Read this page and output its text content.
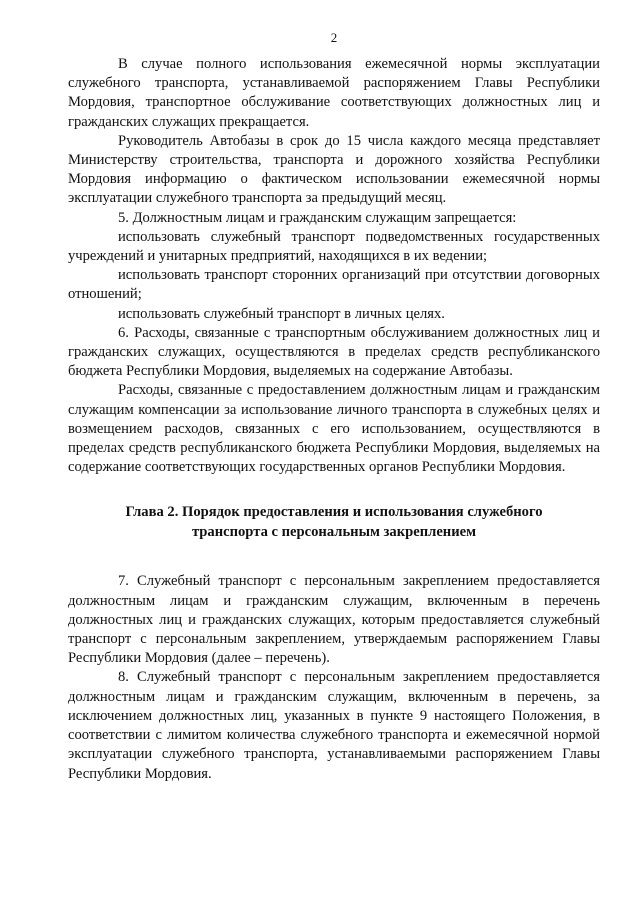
2

В случае полного использования ежемесячной нормы эксплуатации служебного транспорта, устанавливаемой распоряжением Главы Республики Мордовия, транспортное обслуживание соответствующих должностных лиц и гражданских служащих прекращается.

Руководитель Автобазы в срок до 15 числа каждого месяца представляет Министерству строительства, транспорта и дорожного хозяйства Республики Мордовия информацию о фактическом использовании ежемесячной нормы эксплуатации служебного транспорта за предыдущий месяц.

5. Должностным лицам и гражданским служащим запрещается:

использовать служебный транспорт подведомственных государственных учреждений и унитарных предприятий, находящихся в их ведении;

использовать транспорт сторонних организаций при отсутствии договорных отношений;

использовать служебный транспорт в личных целях.

6. Расходы, связанные с транспортным обслуживанием должностных лиц и гражданских служащих, осуществляются в пределах средств республиканского бюджета Республики Мордовия, выделяемых на содержание Автобазы.

Расходы, связанные с предоставлением должностным лицам и гражданским служащим компенсации за использование личного транспорта в служебных целях и возмещением расходов, связанных с его использованием, осуществляются в пределах средств республиканского бюджета Республики Мордовия, выделяемых на содержание соответствующих государственных органов Республики Мордовия.

Глава 2. Порядок предоставления и использования служебного
транспорта с персональным закреплением

7. Служебный транспорт с персональным закреплением предоставляется должностным лицам и гражданским служащим, включенным в перечень должностных лиц и гражданских служащих, которым предоставляется служебный транспорт с персональным закреплением, утверждаемым распоряжением Главы Республики Мордовия (далее – перечень).

8. Служебный транспорт с персональным закреплением предоставляется должностным лицам и гражданским служащим, включенным в перечень, за исключением должностных лиц, указанных в пункте 9 настоящего Положения, в соответствии с лимитом количества служебного транспорта и ежемесячной нормой эксплуатации служебного транспорта, устанавливаемыми распоряжением Главы Республики Мордовия.
